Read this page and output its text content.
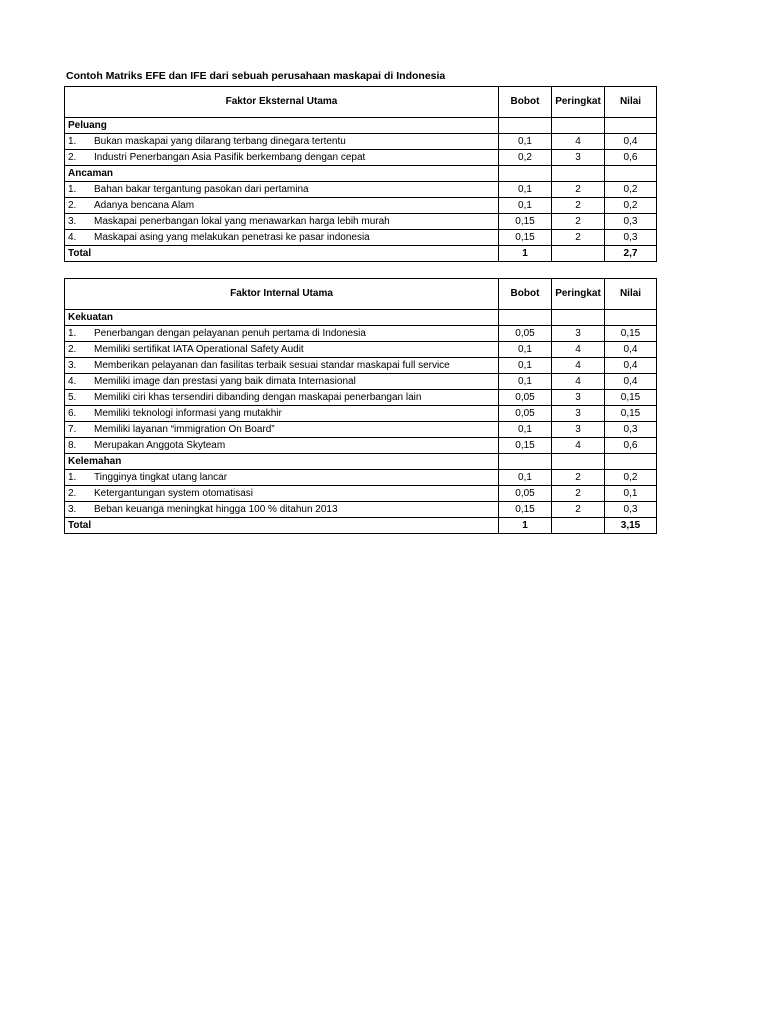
Contoh Matriks EFE dan IFE dari sebuah perusahaan maskapai di Indonesia
Faktor Eksternal Utama	Bobot	Peringkat	Nilai
Peluang			
1. Bukan maskapai yang dilarang terbang dinegara tertentu	0,1	4	0,4
2. Industri Penerbangan Asia Pasifik berkembang dengan cepat	0,2	3	0,6
Ancaman			
1. Bahan bakar tergantung pasokan dari pertamina	0,1	2	0,2
2. Adanya bencana Alam	0,1	2	0,2
3. Maskapai penerbangan lokal yang menawarkan harga lebih murah	0,15	2	0,3
4. Maskapai asing yang melakukan penetrasi ke pasar indonesia	0,15	2	0,3
Total	1		2,7
Faktor Internal Utama	Bobot	Peringkat	Nilai
Kekuatan			
1. Penerbangan dengan pelayanan penuh pertama di Indonesia	0,05	3	0,15
2. Memiliki sertifikat IATA Operational Safety Audit	0,1	4	0,4
3. Memberikan pelayanan dan fasilitas terbaik sesuai standar maskapai full service	0,1	4	0,4
4. Memiliki image dan prestasi yang baik dimata Internasional	0,1	4	0,4
5. Memiliki ciri khas tersendiri dibanding dengan maskapai penerbangan lain	0,05	3	0,15
6. Memiliki teknologi informasi yang mutakhir	0,05	3	0,15
7. Memiliki layanan “immigration On Board”	0,1	3	0,3
8. Merupakan Anggota Skyteam	0,15	4	0,6
Kelemahan			
1. Tingginya tingkat utang lancar	0,1	2	0,2
2. Ketergantungan system otomatisasi	0,05	2	0,1
3. Beban keuanga meningkat hingga 100 % ditahun 2013	0,15	2	0,3
Total	1		3,15
